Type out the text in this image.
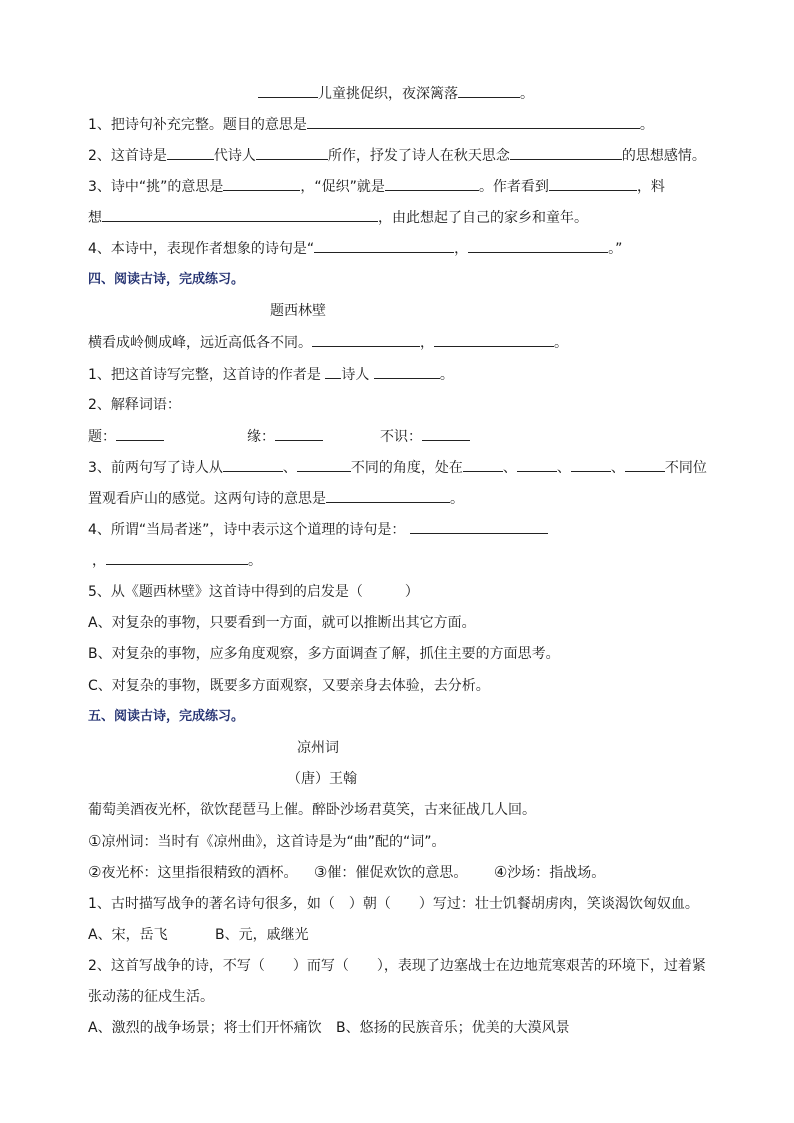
儿童挑促织，夜深篱落	。
1、把诗句补充完整。题目的意思是	。
2、这首诗是	代诗人	所作，抒发了诗人在秋天思念	的思想感情。
3、诗中“挑”的意思是	，“促织”就是	。作者看到	，料
想	，由此想起了自己的家乡和童年。
4、本诗中，表现作者想象的诗句是“	，	。”
四、阅读古诗，完成练习。
题西林壁
横看成岭侧成峰，远近高低各不同。	，	。
1、把这首诗写完整，这首诗的作者是 诗人	。
2、解释词语：
题：	缘：	不识：
3、前两句写了诗人从	、	不同的角度，处在	、	、	、	不同位
置观看庐山的感觉。这两句诗的意思是	。
4、所谓“当局者迷”，诗中表示这个道理的诗句是：
，	。
5、从《题西林壁》这首诗中得到的启发是（　　　）
A、对复杂的事物，只要看到一方面，就可以推断出其它方面。
B、对复杂的事物，应多角度观察，多方面调查了解，抓住主要的方面思考。
C、对复杂的事物，既要多方面观察，又要亲身去体验，去分析。
五、阅读古诗，完成练习。
凉州词
（唐）王翰
葡萄美酒夜光杯，欲饮琵琶马上催。醉卧沙场君莫笑，古来征战几人回。
①凉州词：当时有《凉州曲》，这首诗是为“曲”配的“词”。
②夜光杯：这里指很精致的酒杯。 ③催：催促欢饮的意思。 ④沙场：指战场。
1、古时描写战争的著名诗句很多，如（　）朝（　　）写过：壮士饥餐胡虏肉，笑谈渴饮匈奴血。
A、宋，岳飞	B、元，戚继光
2、这首写战争的诗，不写（　　）而写（　　），表现了边塞战士在边地荒寒艰苦的环境下，过着紧
张动荡的征戍生活。
A、激烈的战争场景；将士们开怀痛饮 B、悠扬的民族音乐；优美的大漠风景
